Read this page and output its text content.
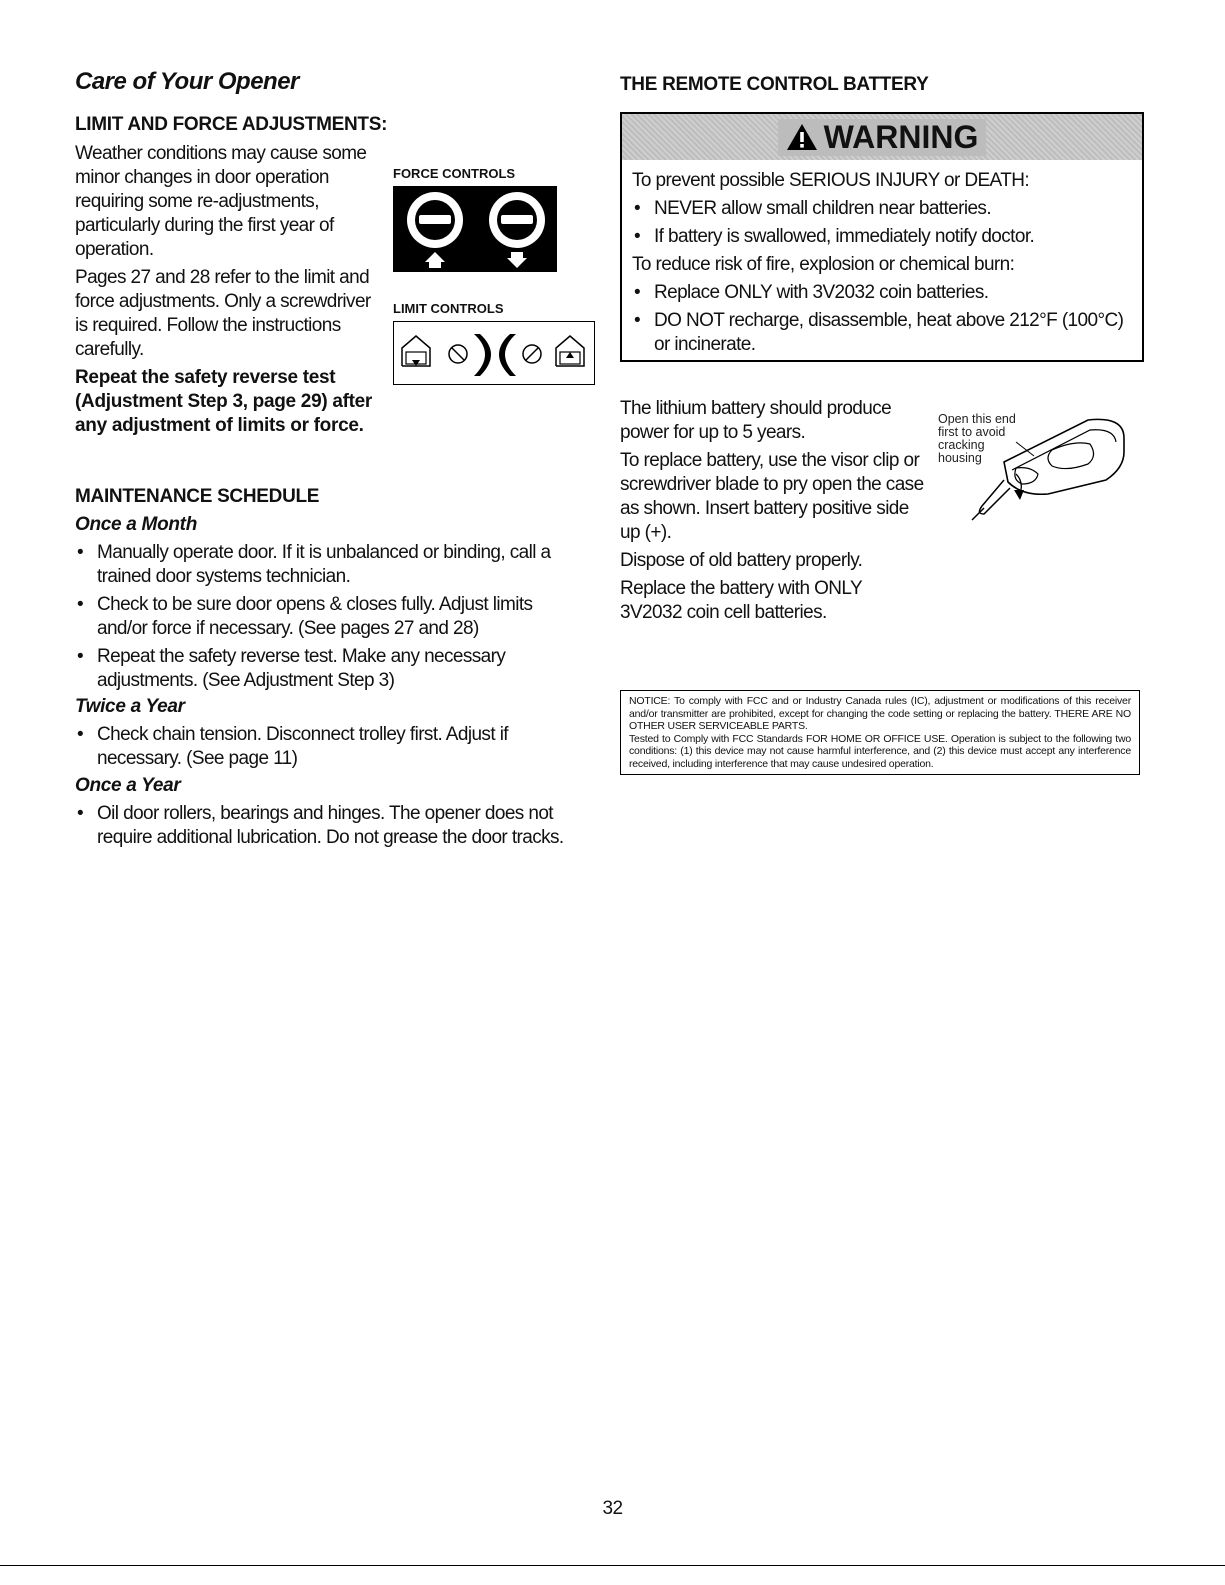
Care of Your Opener
LIMIT AND FORCE ADJUSTMENTS:

Weather conditions may cause some minor changes in door operation requiring some re-adjustments, particularly during the first year of operation.

Pages 27 and 28 refer to the limit and force adjustments. Only a screwdriver is required. Follow the instructions carefully.

Repeat the safety reverse test (Adjustment Step 3, page 29) after any adjustment of limits or force.

FORCE CONTROLS
LIMIT CONTROLS
MAINTENANCE SCHEDULE
Once a Month
• Manually operate door. If it is unbalanced or binding, call a trained door systems technician.
• Check to be sure door opens & closes fully. Adjust limits and/or force if necessary. (See pages 27 and 28)
• Repeat the safety reverse test. Make any necessary adjustments. (See Adjustment Step 3)
Twice a Year
• Check chain tension. Disconnect trolley first. Adjust if necessary. (See page 11)
Once a Year
• Oil door rollers, bearings and hinges. The opener does not require additional lubrication. Do not grease the door tracks.
THE REMOTE CONTROL BATTERY
WARNING

To prevent possible SERIOUS INJURY or DEATH:

• NEVER allow small children near batteries.
• If battery is swallowed, immediately notify doctor.

To reduce risk of fire, explosion or chemical burn:

• Replace ONLY with 3V2032 coin batteries.
• DO NOT recharge, disassemble, heat above 212°F (100°C) or incinerate.

The lithium battery should produce power for up to 5 years.

To replace battery, use the visor clip or screwdriver blade to pry open the case as shown. Insert battery positive side up (+).

Dispose of old battery properly.

Replace the battery with ONLY 3V2032 coin cell batteries.

Open this end
first to avoid
cracking
housing

NOTICE: To comply with FCC and or Industry Canada rules (IC), adjustment or modifications of this receiver and/or transmitter are prohibited, except for changing the code setting or replacing the battery. THERE ARE NO OTHER USER SERVICEABLE PARTS.

Tested to Comply with FCC Standards FOR HOME OR OFFICE USE. Operation is subject to the following two conditions: (1) this device may not cause harmful interference, and (2) this device must accept any interference received, including interference that may cause undesired operation.

32
